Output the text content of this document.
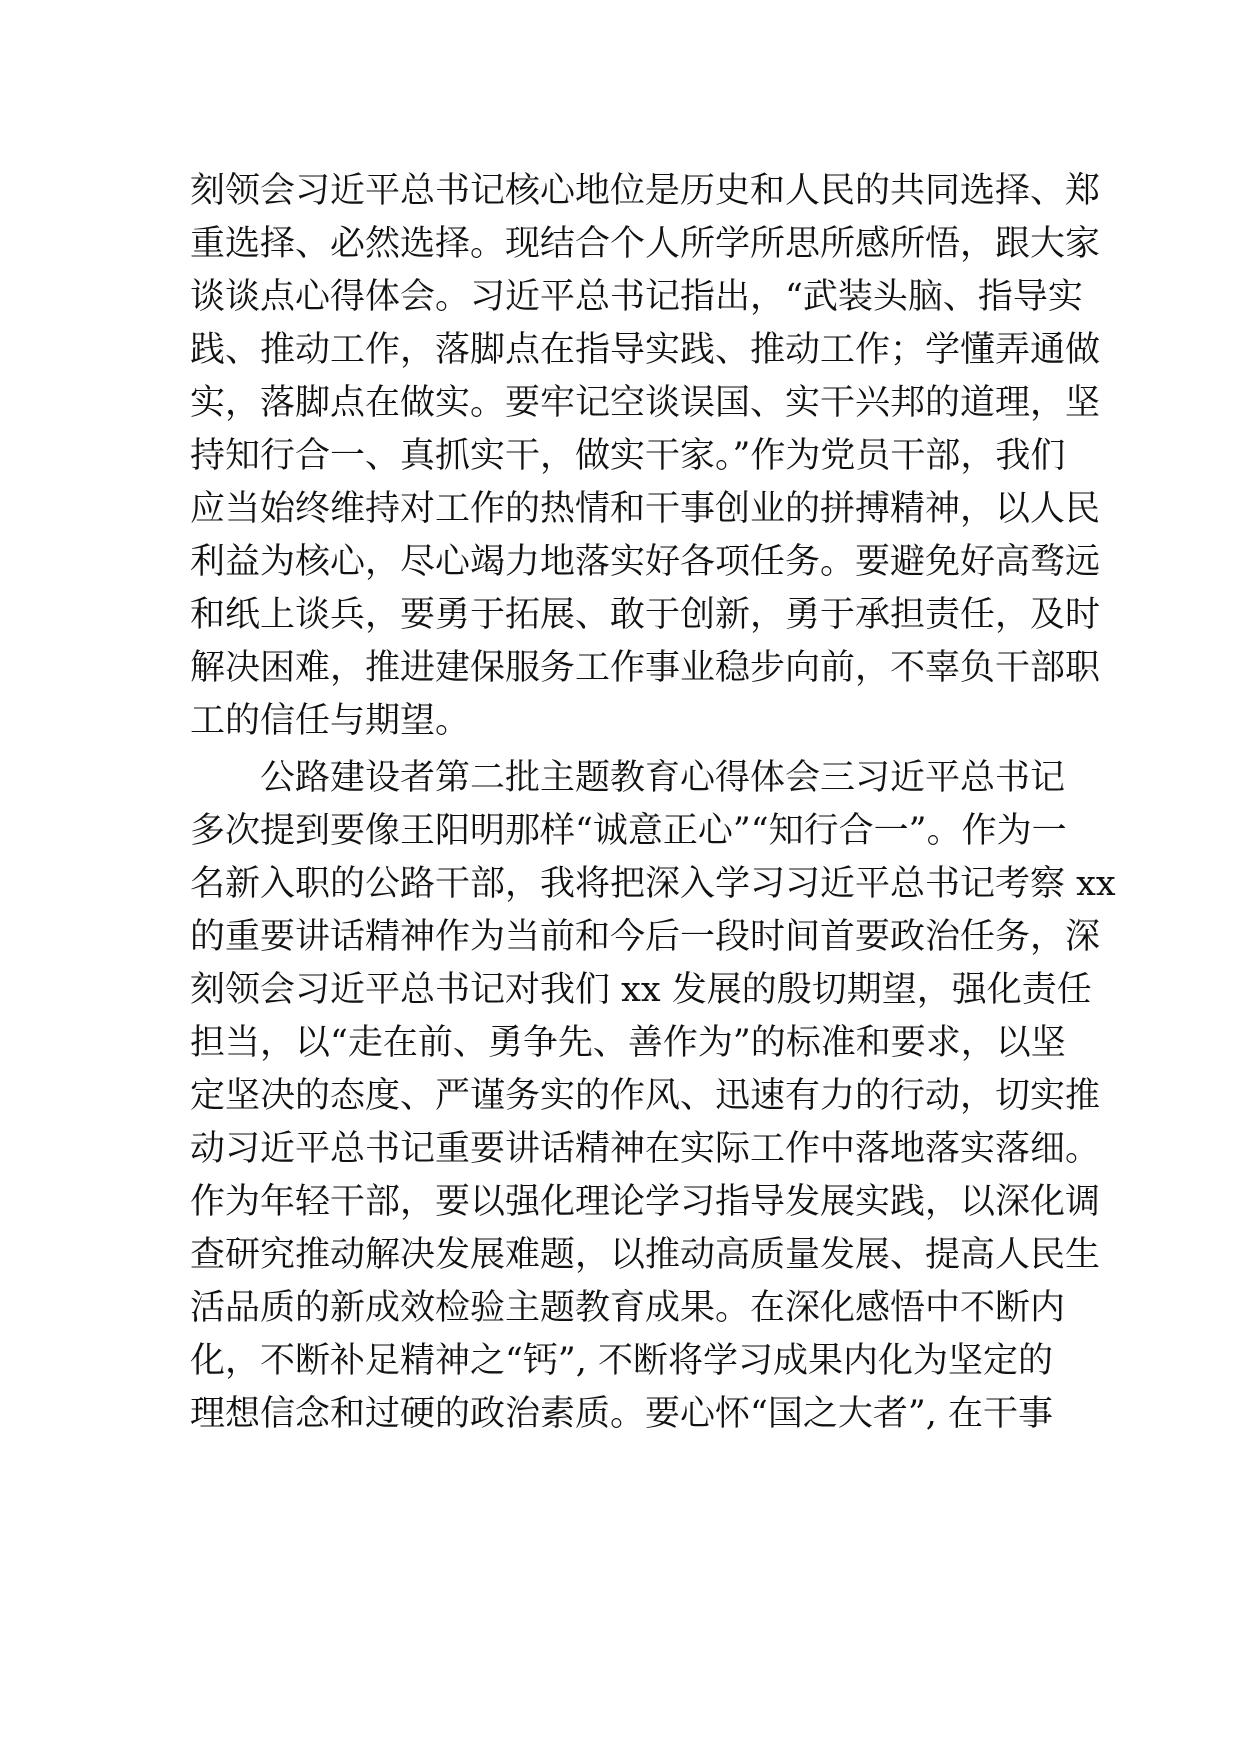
刻领会习近平总书记核心地位是历史和人民的共同选择、郑
重选择、必然选择。现结合个人所学所思所感所悟，跟大家
谈谈点心得体会。习近平总书记指出，“武装头脑、指导实
践、推动工作，落脚点在指导实践、推动工作；学懂弄通做
实，落脚点在做实。要牢记空谈误国、实干兴邦的道理，坚
持知行合一、真抓实干，做实干家。”作为党员干部，我们
应当始终维持对工作的热情和干事创业的拼搏精神，以人民
利益为核心，尽心竭力地落实好各项任务。要避免好高骛远
和纸上谈兵，要勇于拓展、敢于创新，勇于承担责任，及时
解决困难，推进建保服务工作事业稳步向前，不辜负干部职
工的信任与期望。
公路建设者第二批主题教育心得体会三习近平总书记
多次提到要像王阳明那样“诚意正心”“知行合一”。作为一
名新入职的公路干部，我将把深入学习习近平总书记考察 xx
的重要讲话精神作为当前和今后一段时间首要政治任务，深
刻领会习近平总书记对我们 xx 发展的殷切期望，强化责任
担当，以“走在前、勇争先、善作为”的标准和要求，以坚
定坚决的态度、严谨务实的作风、迅速有力的行动，切实推
动习近平总书记重要讲话精神在实际工作中落地落实落细。
作为年轻干部，要以强化理论学习指导发展实践，以深化调
查研究推动解决发展难题，以推动高质量发展、提高人民生
活品质的新成效检验主题教育成果。在深化感悟中不断内
化，不断补足精神之“钙”, 不断将学习成果内化为坚定的
理想信念和过硬的政治素质。要心怀“国之大者”, 在干事
